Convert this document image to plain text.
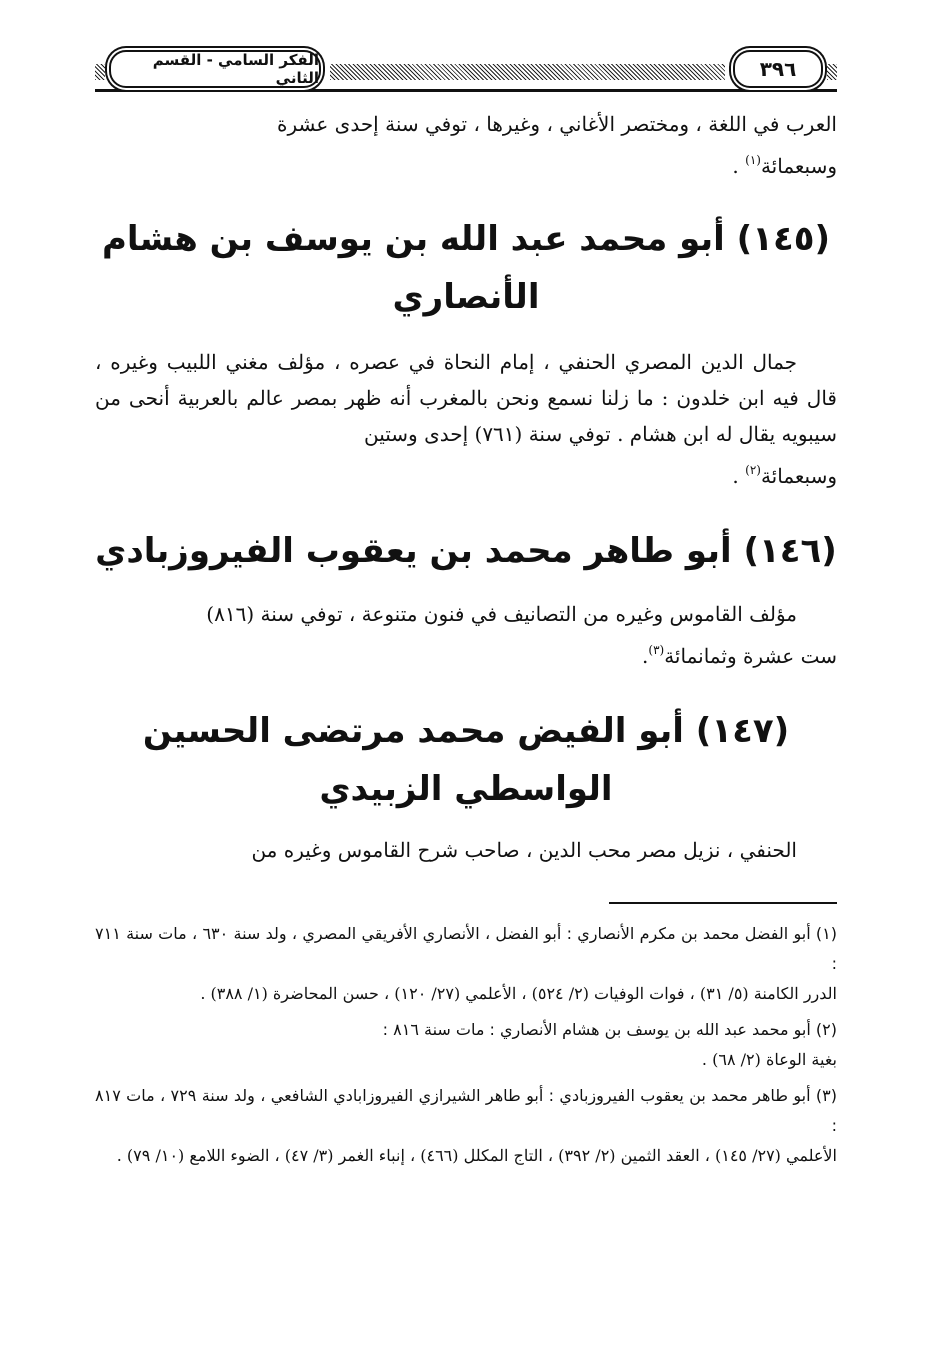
٣٩٦
الفكر السامي - القسم الثاني

العرب في اللغة ، ومختصر الأغاني ، وغيرها ، توفي سنة إحدى عشرة
وسبعمائة$^{(١)}$ .

(١٤٥) أبو محمد عبد الله بن يوسف بن هشام
الأنصاري

جمال الدين المصري الحنفي ، إمام النحاة في عصره ، مؤلف مغني اللبيب وغيره ، قال فيه ابن خلدون : ما زلنا نسمع ونحن بالمغرب أنه ظهر بمصر عالم بالعربية أنحى من سيبويه يقال له ابن هشام . توفي سنة (٧٦١) إحدى وستين
وسبعمائة$^{(٢)}$ .

(١٤٦) أبو طاهر محمد بن يعقوب الفيروزبادي

مؤلف القاموس وغيره من التصانيف في فنون متنوعة ، توفي سنة (٨١٦)
ست عشرة وثمانمائة$^{(٣)}$.

(١٤٧) أبو الفيض محمد مرتضى الحسين
الواسطي الزبيدي

الحنفي ، نزيل مصر محب الدين ، صاحب شرح القاموس وغيره من

(١) أبو الفضل محمد بن مكرم الأنصاري : أبو الفضل ، الأنصاري الأفريقي المصري ، ولد سنة ٦٣٠ ، مات سنة ٧١١ :

الدرر الكامنة (٥/ ٣١) ، فوات الوفيات (٢/ ٥٢٤) ، الأعلمي (٢٧/ ١٢٠) ، حسن المحاضرة (١/ ٣٨٨) .

(٢) أبو محمد عبد الله بن يوسف بن هشام الأنصاري : مات سنة ٨١٦ :

بغية الوعاة (٢/ ٦٨) .

(٣) أبو طاهر محمد بن يعقوب الفيروزبادي : أبو طاهر الشيرازي الفيروزابادي الشافعي ، ولد سنة ٧٢٩ ، مات ٨١٧ :

الأعلمي (٢٧/ ١٤٥) ، العقد الثمين (٢/ ٣٩٢) ، التاج المكلل (٤٦٦) ، إنباء الغمر (٣/ ٤٧) ، الضوء اللامع (١٠/ ٧٩) .
